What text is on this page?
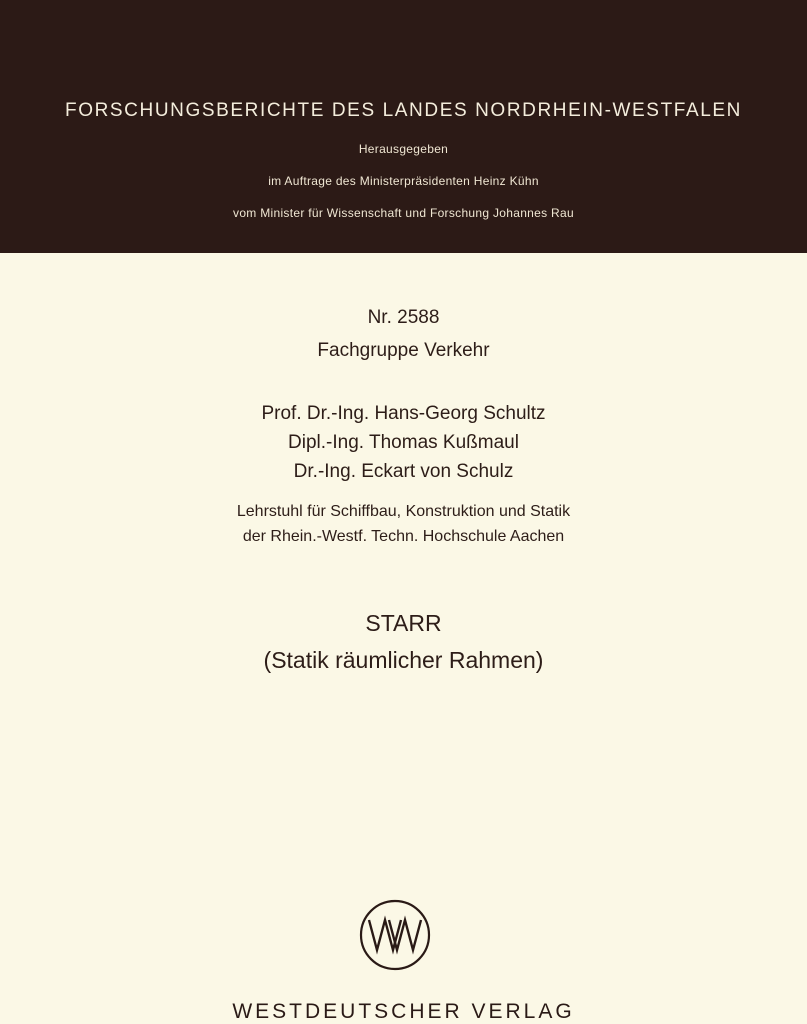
FORSCHUNGSBERICHTE DES LANDES NORDRHEIN-WESTFALEN
Herausgegeben
im Auftrage des Ministerpräsidenten Heinz Kühn
vom Minister für Wissenschaft und Forschung Johannes Rau
Nr. 2588
Fachgruppe Verkehr
Prof. Dr.-Ing. Hans-Georg Schultz
Dipl.-Ing. Thomas Kußmaul
Dr.-Ing. Eckart von Schulz
Lehrstuhl für Schiffbau, Konstruktion und Statik
der Rhein.-Westf. Techn. Hochschule Aachen
STARR
(Statik räumlicher Rahmen)
WESTDEUTSCHER VERLAG
